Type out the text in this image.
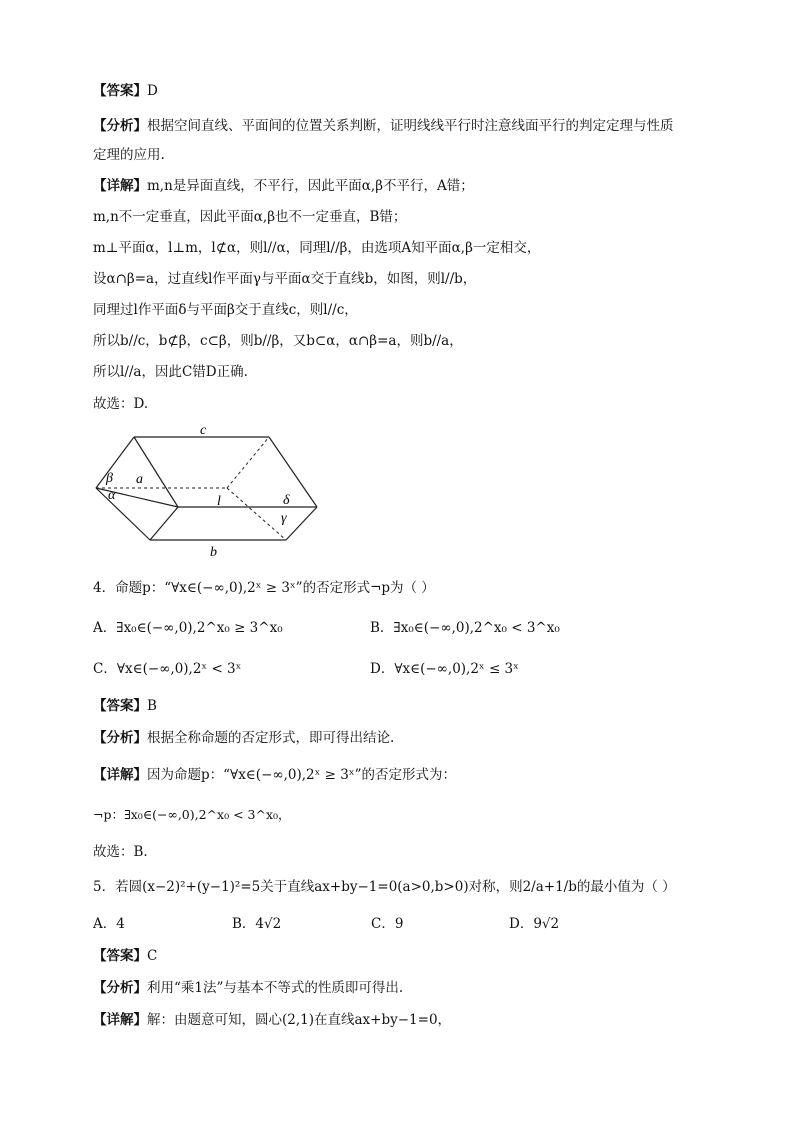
【答案】D
【分析】根据空间直线、平面间的位置关系判断，证明线线平行时注意线面平行的判定定理与性质
定理的应用.
【详解】m,n是异面直线，不平行，因此平面α,β不平行，A错；
m,n不一定垂直，因此平面α,β也不一定垂直，B错；
m⊥平面α，l⊥m，l⊄α，则l//α，同理l//β，由选项A知平面α,β一定相交，
设α∩β=a，过直线l作平面γ与平面α交于直线b，如图，则l//b，
同理过l作平面δ与平面β交于直线c，则l//c，
所以b//c，b⊄β，c⊂β，则b//β，又b⊂α，α∩β=a，则b//a，
所以l//a，因此C错D正确.
故选：D.
c
a
β
α	l	δ
γ
b
4．命题p：“∀x∈(−∞,0),2ˣ ≥ 3ˣ”的否定形式¬p为（ ）
A．∃x₀∈(−∞,0),2^x₀ ≥ 3^x₀	B．∃x₀∈(−∞,0),2^x₀ < 3^x₀
C．∀x∈(−∞,0),2ˣ < 3ˣ	D．∀x∈(−∞,0),2ˣ ≤ 3ˣ
【答案】B
【分析】根据全称命题的否定形式，即可得出结论.
【详解】因为命题p：“∀x∈(−∞,0),2ˣ ≥ 3ˣ”的否定形式为：
¬p：∃x₀∈(−∞,0),2^x₀ < 3^x₀，
故选：B.
5．若圆(x−2)²+(y−1)²=5关于直线ax+by−1=0(a>0,b>0)对称，则2/a+1/b的最小值为（ ）
A．4	B．4√2	C．9	D．9√2
【答案】C
【分析】利用“乘1法”与基本不等式的性质即可得出.
【详解】解：由题意可知，圆心(2,1)在直线ax+by−1=0，
